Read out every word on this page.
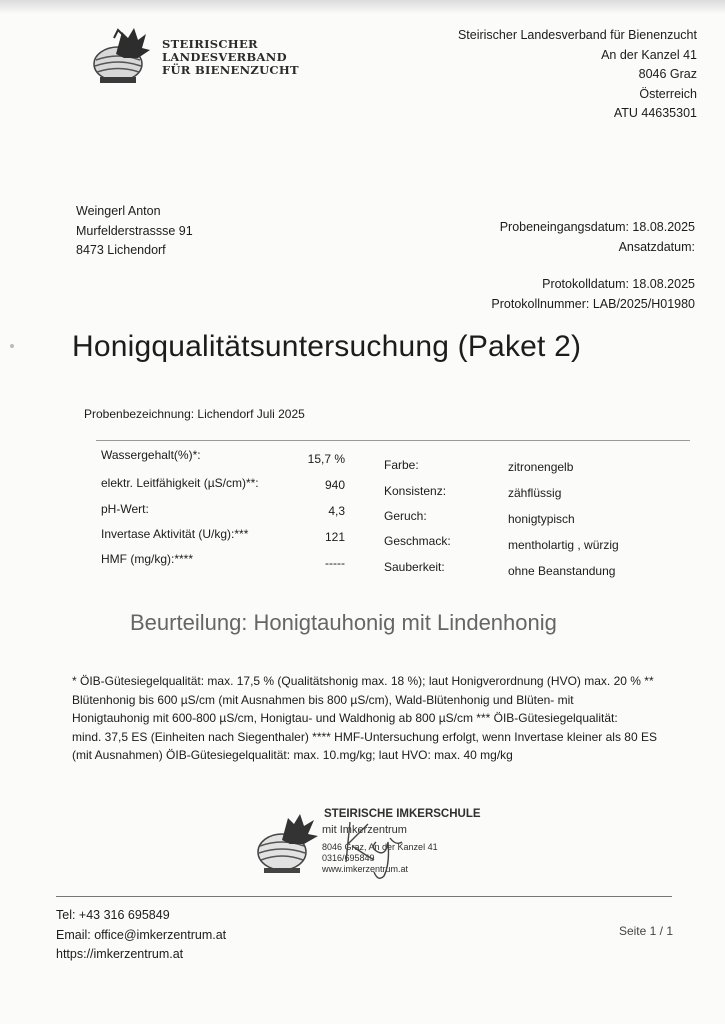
STEIRISCHER
LANDESVERBAND
FÜR BIENENZUCHT
Steirischer Landesverband für Bienenzucht
An der Kanzel 41
8046 Graz
Österreich
ATU 44635301
Weingerl Anton
Murfelderstrassse 91
8473 Lichendorf
Probeneingangsdatum: 18.08.2025
Ansatzdatum:
Protokolldatum: 18.08.2025
Protokollnummer: LAB/2025/H01980
Honigqualitätsuntersuchung (Paket 2)
Probenbezeichnung: Lichendorf Juli 2025
Wassergehalt(%)*:	15,7 %
elektr. Leitfähigkeit (µS/cm)**:	940
pH-Wert:	4,3
Invertase Aktivität (U/kg):***	121
HMF (mg/kg):****	-----
Farbe:	zitronengelb
Konsistenz:	zähflüssig
Geruch:	honigtypisch
Geschmack:	mentholartig , würzig
Sauberkeit:	ohne Beanstandung
Beurteilung: Honigtauhonig mit Lindenhonig
* ÖIB-Gütesiegelqualität: max. 17,5 % (Qualitätshonig max. 18 %); laut Honigverordnung (HVO) max. 20 % **
Blütenhonig bis 600 µS/cm (mit Ausnahmen bis 800 µS/cm), Wald-Blütenhonig und Blüten- mit
Honigtauhonig mit 600-800 µS/cm, Honigtau- und Waldhonig ab 800 µS/cm *** ÖIB-Gütesiegelqualität:
mind. 37,5 ES (Einheiten nach Siegenthaler) **** HMF-Untersuchung erfolgt, wenn Invertase kleiner als 80 ES
(mit Ausnahmen) ÖIB-Gütesiegelqualität: max. 10.mg/kg; laut HVO: max. 40 mg/kg
STEIRISCHE IMKERSCHULE
mit Imkerzentrum
8046 Graz, An der Kanzel 41
0316/695849
www.imkerzentrum.at
Tel: +43 316 695849
Email: office@imkerzentrum.at
https://imkerzentrum.at
Seite 1 / 1
